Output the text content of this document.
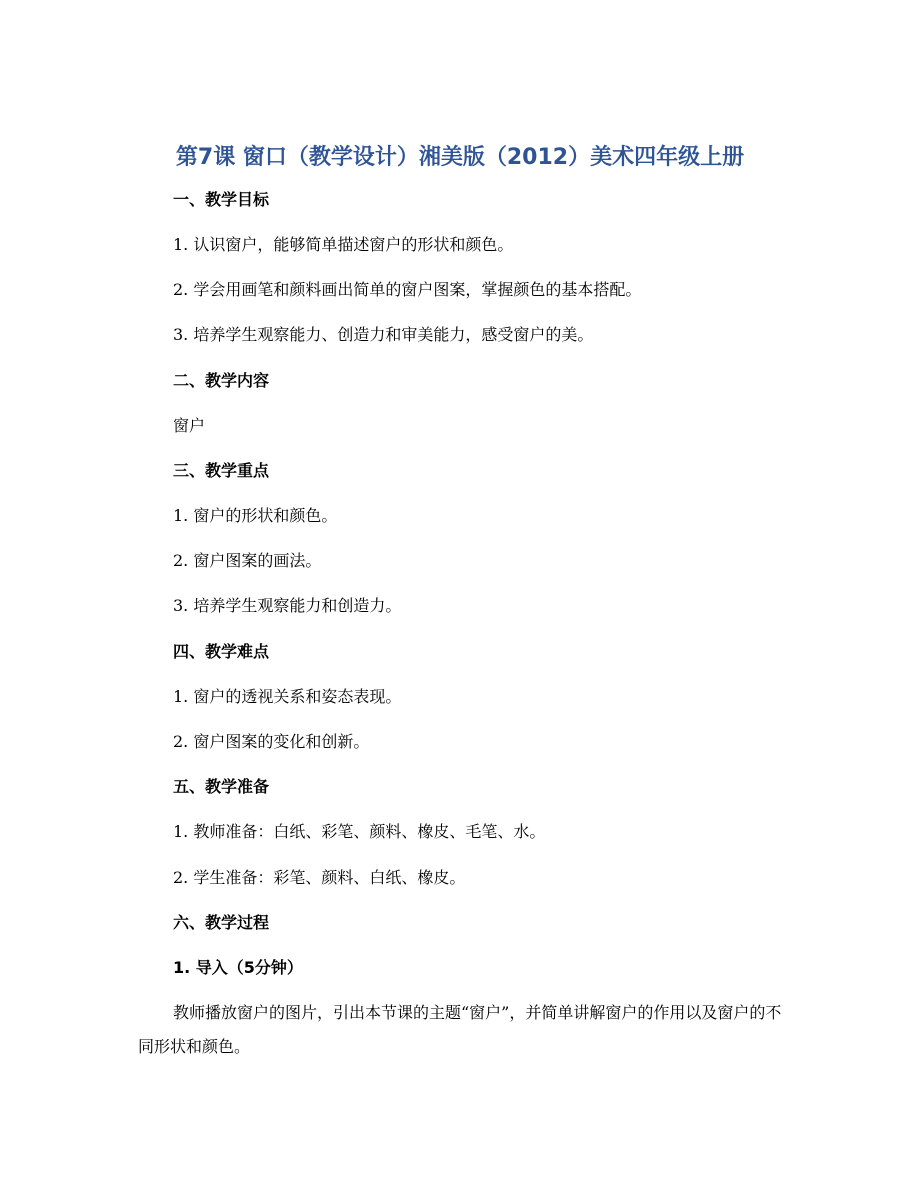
第7课 窗口（教学设计）湘美版（2012）美术四年级上册

一、教学目标

1. 认识窗户，能够简单描述窗户的形状和颜色。

2. 学会用画笔和颜料画出简单的窗户图案，掌握颜色的基本搭配。

3. 培养学生观察能力、创造力和审美能力，感受窗户的美。

二、教学内容

窗户

三、教学重点

1. 窗户的形状和颜色。

2. 窗户图案的画法。

3. 培养学生观察能力和创造力。

四、教学难点

1. 窗户的透视关系和姿态表现。

2. 窗户图案的变化和创新。

五、教学准备

1. 教师准备：白纸、彩笔、颜料、橡皮、毛笔、水。

2. 学生准备：彩笔、颜料、白纸、橡皮。

六、教学过程

1. 导入（5分钟）

教师播放窗户的图片，引出本节课的主题“窗户”，并简单讲解窗户的作用以及窗户的不同形状和颜色。
